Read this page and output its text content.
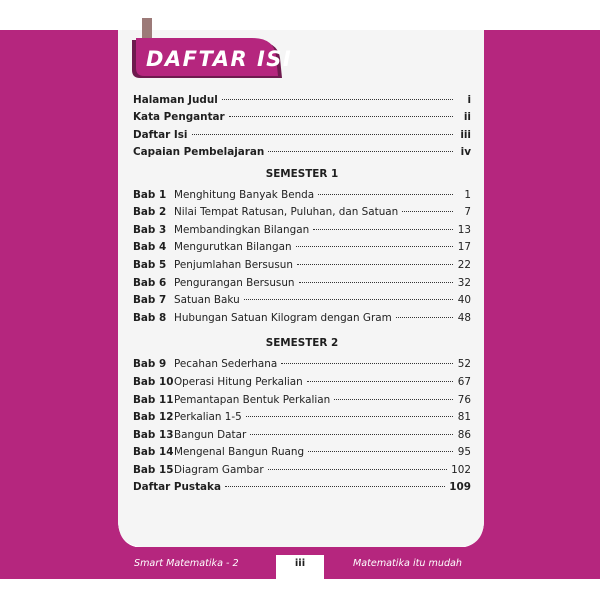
DAFTAR ISI
Halaman Judul	i
Kata Pengantar	ii
Daftar Isi	iii
Capaian Pembelajaran	iv
SEMESTER 1
Bab 1 Menghitung Banyak Benda	1
Bab 2 Nilai Tempat Ratusan, Puluhan, dan Satuan	7
Bab 3 Membandingkan Bilangan	13
Bab 4 Mengurutkan Bilangan	17
Bab 5 Penjumlahan Bersusun	22
Bab 6 Pengurangan Bersusun	32
Bab 7 Satuan Baku	40
Bab 8 Hubungan Satuan Kilogram dengan Gram	48
SEMESTER 2
Bab 9 Pecahan Sederhana	52
Bab 10 Operasi Hitung Perkalian	67
Bab 11 Pemantapan Bentuk Perkalian	76
Bab 12 Perkalian 1-5	81
Bab 13 Bangun Datar	86
Bab 14 Mengenal Bangun Ruang	95
Bab 15 Diagram Gambar	102
Daftar Pustaka	109
Smart Matematika - 2	iii	Matematika itu mudah
